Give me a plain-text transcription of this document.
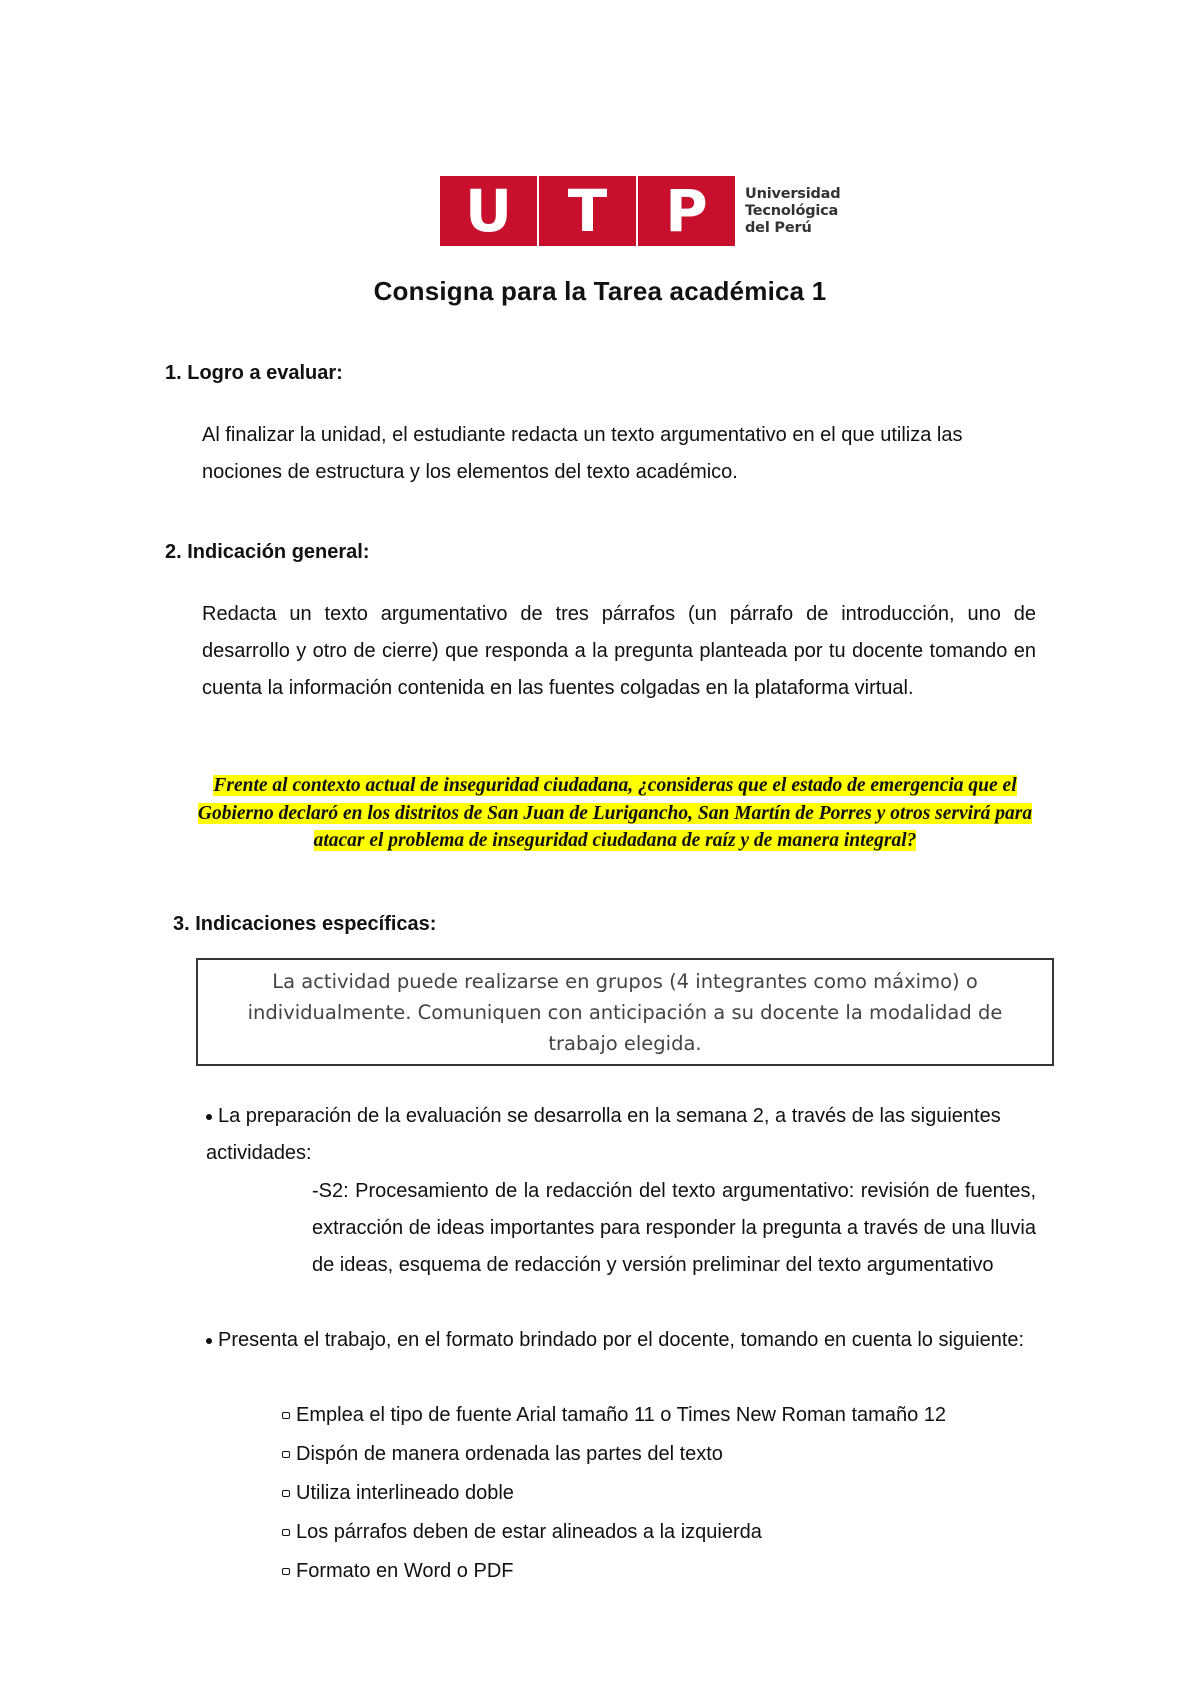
U T P	Universidad
Tecnológica
del Perú
Consigna para la Tarea académica 1
1. Logro a evaluar:
Al finalizar la unidad, el estudiante redacta un texto argumentativo en el que utiliza las nociones de estructura y los elementos del texto académico.
2. Indicación general:
Redacta un texto argumentativo de tres párrafos (un párrafo de introducción, uno de desarrollo y otro de cierre) que responda a la pregunta planteada por tu docente tomando en cuenta la información contenida en las fuentes colgadas en la plataforma virtual.
Frente al contexto actual de inseguridad ciudadana, ¿consideras que el estado de emergencia que el Gobierno declaró en los distritos de San Juan de Lurigancho, San Martín de Porres y otros servirá para atacar el problema de inseguridad ciudadana de raíz y de manera integral?
3. Indicaciones específicas:
La actividad puede realizarse en grupos (4 integrantes como máximo) o individualmente. Comuniquen con anticipación a su docente la modalidad de trabajo elegida.
La preparación de la evaluación se desarrolla en la semana 2, a través de las siguientes actividades:
-S2: Procesamiento de la redacción del texto argumentativo: revisión de fuentes, extracción de ideas importantes para responder la pregunta a través de una lluvia de ideas, esquema de redacción y versión preliminar del texto argumentativo
Presenta el trabajo, en el formato brindado por el docente, tomando en cuenta lo siguiente:
Emplea el tipo de fuente Arial tamaño 11 o Times New Roman tamaño 12
Dispón de manera ordenada las partes del texto
Utiliza interlineado doble
Los párrafos deben de estar alineados a la izquierda
Formato en Word o PDF
